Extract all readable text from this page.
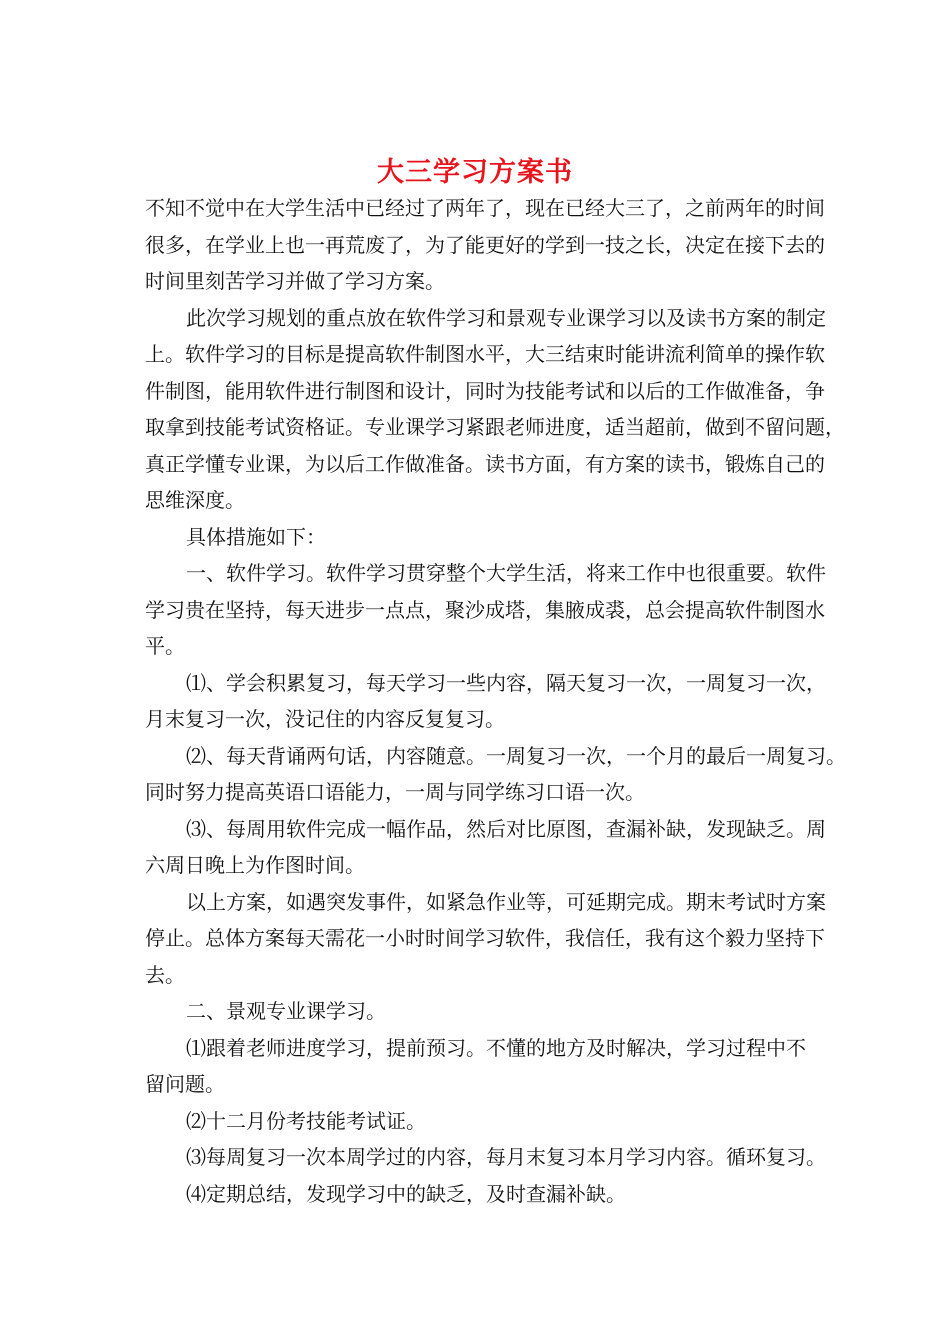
大三学习方案书
不知不觉中在大学生活中已经过了两年了，现在已经大三了，之前两年的时间
很多，在学业上也一再荒废了，为了能更好的学到一技之长，决定在接下去的
时间里刻苦学习并做了学习方案。
此次学习规划的重点放在软件学习和景观专业课学习以及读书方案的制定
上。软件学习的目标是提高软件制图水平，大三结束时能讲流利简单的操作软
件制图，能用软件进行制图和设计，同时为技能考试和以后的工作做准备，争
取拿到技能考试资格证。专业课学习紧跟老师进度，适当超前，做到不留问题，
真正学懂专业课，为以后工作做准备。读书方面，有方案的读书，锻炼自己的
思维深度。
具体措施如下：
一、软件学习。软件学习贯穿整个大学生活，将来工作中也很重要。软件
学习贵在坚持，每天进步一点点，聚沙成塔，集腋成裘，总会提高软件制图水
平。
⑴、学会积累复习，每天学习一些内容，隔天复习一次，一周复习一次，
月末复习一次，没记住的内容反复复习。
⑵、每天背诵两句话，内容随意。一周复习一次，一个月的最后一周复习。
同时努力提高英语口语能力，一周与同学练习口语一次。
⑶、每周用软件完成一幅作品，然后对比原图，查漏补缺，发现缺乏。周
六周日晚上为作图时间。
以上方案，如遇突发事件，如紧急作业等，可延期完成。期末考试时方案
停止。总体方案每天需花一小时时间学习软件，我信任，我有这个毅力坚持下
去。
二、景观专业课学习。
⑴跟着老师进度学习，提前预习。不懂的地方及时解决，学习过程中不
留问题。
⑵十二月份考技能考试证。
⑶每周复习一次本周学过的内容，每月末复习本月学习内容。循环复习。
⑷定期总结，发现学习中的缺乏，及时查漏补缺。
